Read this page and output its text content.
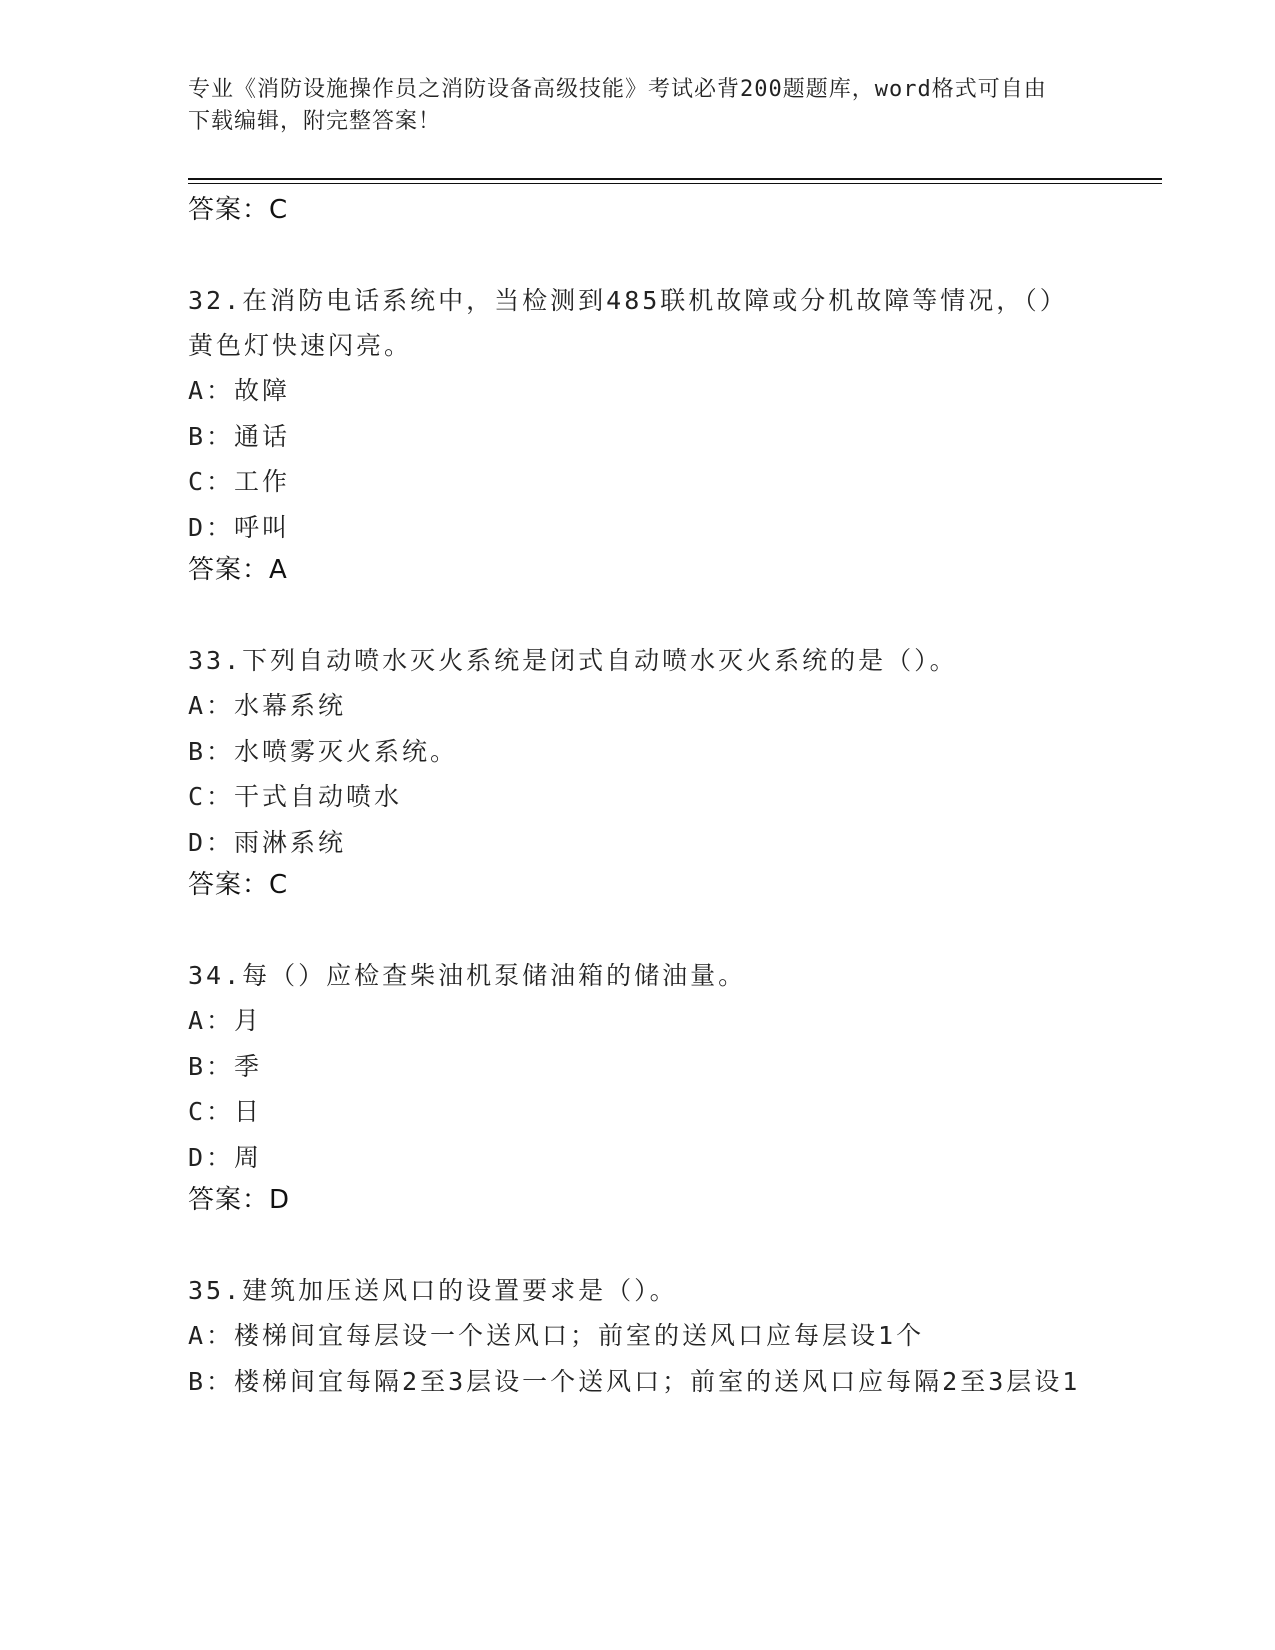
专业《消防设施操作员之消防设备高级技能》考试必背200题题库，word格式可自由下载编辑，附完整答案！

答案：C

32.在消防电话系统中，当检测到485联机故障或分机故障等情况，（）黄色灯快速闪亮。

A：故障

B：通话

C：工作

D：呼叫

答案：A

33.下列自动喷水灭火系统是闭式自动喷水灭火系统的是（）。

A：水幕系统

B：水喷雾灭火系统。

C：干式自动喷水

D：雨淋系统

答案：C

34.每（）应检查柴油机泵储油箱的储油量。

A：月

B：季

C：日

D：周

答案：D

35.建筑加压送风口的设置要求是（）。

A：楼梯间宜每层设一个送风口；前室的送风口应每层设1个

B：楼梯间宜每隔2至3层设一个送风口；前室的送风口应每隔2至3层设1
